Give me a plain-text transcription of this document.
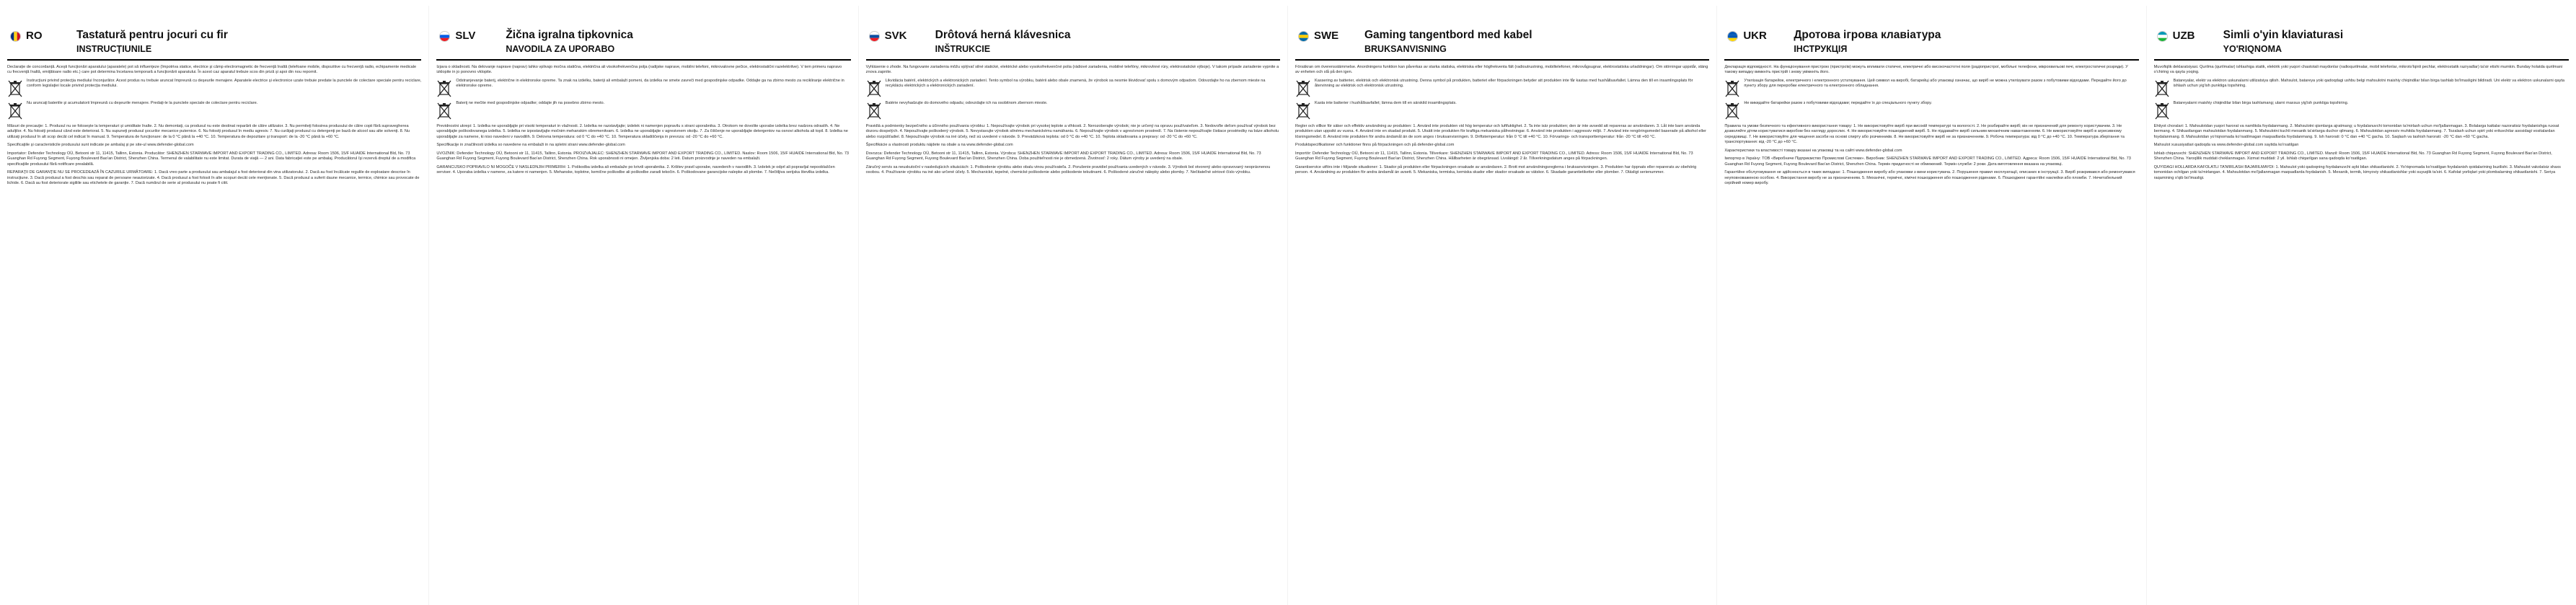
RO	Tastatură pentru jocuri cu fir
INSTRUCȚIUNILE

Declarație de concordanță. Aceşti funcţionări aparatului (aparatele) pot să influenţeze (împotriva statice, electrice şi câmp electromagnetic de frecvenţă înaltă (telefoane mobile, dispozitive cu frecvenţă radio, echipamente medicale cu frecvenţă înaltă, emiţătoare radio etc.) care pot determina încetarea temporară a funcţionării aparatului. În acest caz aparatul trebuie scos din priză şi apoi din nou repornit.

Instrucţiuni privind protecţia mediului înconjurător. Acest produs nu trebuie aruncat împreună cu deşeurile menajere. Aparatele electrice şi electronice uzate trebuie predate la punctele de colectare speciale pentru reciclare, conform legislaţiei locale privind protecţia mediului.
Nu aruncaţi bateriile şi acumulatorii împreună cu deşeurile menajere. Predaţi-le la punctele speciale de colectare pentru reciclare.

Măsuri de precauţie: 1. Produsul nu se folosește la temperaturi şi umiditate înalte. 2. Nu demontaţi, ca produsul nu este destinat reparării de către utilizator. 3. Nu permiteţi folosirea produsului de către copii fără supravegherea adulţilor. 4. Nu folosiţi produsul când este deteriorat. 5. Nu supuneţi produsul şocurilor mecanice puternice. 6. Nu folosiţi produsul în mediu agresiv. 7. Nu curăţaţi produsul cu detergenţi pe bază de alcool sau alte solvenţi. 8. Nu utilizaţi produsul în alt scop decât cel indicat în manual. 9. Temperatura de funcţionare: de la 0 °C până la +40 °C. 10. Temperatura de depozitare şi transport: de la -20 °C până la +60 °C.

Specificaţiile şi caracteristicile produsului sunt indicate pe ambalaj şi pe site-ul www.defender-global.com

Importator: Defender Technology OÜ, Betooni str 11, 11415, Tallinn, Estonia. Producător: SHENZHEN STARWAVE IMPORT AND EXPORT TRADING CO., LIMITED. Adresa: Room 1506, 15/F HUAIDE International Bld, No. 73 Guanghan Rd Fuyong Segment, Fuyong Boulevard Bao'an District, Shenzhen China. Termenul de valabilitate nu este limitat. Durata de viaţă — 2 ani. Data fabricaţiei este pe ambalaj. Producătorul îşi rezervă dreptul de a modifica specificaţiile produsului fără notificare prealabilă.

REPARAŢII DE GARANŢIE NU SE PROCEDEAZĂ ÎN CAZURILE URMĂTOARE: 1. Dacă vreo parte a produsului sau ambalajul a fost deteriorat din vina utilizatorului. 2. Dacă au fost încălcate regulile de exploatare descrise în instrucţiune. 3. Dacă produsul a fost deschis sau reparat de persoane neautorizate. 4. Dacă produsul a fost folosit în alte scopuri decât cele menţionate. 5. Dacă produsul a suferit daune mecanice, termice, chimice sau provocate de lichide. 6. Dacă au fost deteriorate sigiliile sau etichetele de garanţie. 7. Dacă numărul de serie al produsului nu poate fi citit.

SLV	Žična igralna tipkovnica
NAVODILA ZA UPORABO

Izjava o skladnosti. Na delovanje naprave (naprav) lahko vplivajo močna statična, električna ali visokofrekvenčna polja (radijske naprave, mobilni telefoni, mikrovalovne pečice, elektrostatični razelektritve). V tem primeru napravo izklopite in jo ponovno vklopite.

Odstranjevanje baterij, električne in elektronske opreme. Ta znak na izdelku, bateriji ali embalaži pomeni, da izdelka ne smete zavreči med gospodinjske odpadke. Oddajte ga na zbirno mesto za recikliranje električne in elektronske opreme.
Baterij ne mečite med gospodinjske odpadke; oddajte jih na posebno zbirno mesto.

Previdnostni ukrepi: 1. Izdelka ne uporabljajte pri visoki temperaturi in vlažnosti. 2. Izdelka ne razstavljajte; izdelek ni namenjen popravilu s strani uporabnika. 3. Otrokom ne dovolite uporabe izdelka brez nadzora odraslih. 4. Ne uporabljajte poškodovanega izdelka. 5. Izdelka ne izpostavljajte močnim mehanskim obremenitvam. 6. Izdelka ne uporabljajte v agresivnem okolju. 7. Za čiščenje ne uporabljajte detergentov na osnovi alkohola ali topil. 8. Izdelka ne uporabljajte za namene, ki niso navedeni v navodilih. 9. Delovna temperatura: od 0 °C do +40 °C. 10. Temperatura skladiščenja in prevoza: od -20 °C do +60 °C.

Specifikacije in značilnosti izdelka so navedene na embalaži in na spletni strani www.defender-global.com

UVOZNIK: Defender Technology OÜ, Betooni str 11, 11415, Tallinn, Estonia. PROIZVAJALEC: SHENZHEN STARWAVE IMPORT AND EXPORT TRADING CO., LIMITED. Naslov: Room 1506, 15/F HUAIDE International Bld, No. 73 Guanghan Rd Fuyong Segment, Fuyong Boulevard Bao'an District, Shenzhen China. Rok uporabnosti ni omejen. Življenjska doba: 2 leti. Datum proizvodnje je naveden na embalaži.

GARANCIJSKO POPRAVILO NI MOGOČE V NASLEDNJIH PRIMERIH: 1. Poškodba izdelka ali embalaže po krivdi uporabnika. 2. Kršitev pravil uporabe, navedenih v navodilih. 3. Izdelek je odprl ali popravljal nepooblaščen serviser. 4. Uporaba izdelka v namene, za katere ni namenjen. 5. Mehanske, toplotne, kemične poškodbe ali poškodbe zaradi tekočin. 6. Poškodovane garancijske nalepke ali plombe. 7. Nečitljiva serijska številka izdelka.

SVK	Drôtová herná klávesnica
INŠTRUKCIE

Vyhlásenie o zhode. Na fungovanie zariadenia môžu vplývať silné statické, elektrické alebo vysokofrekvenčné polia (rádiové zariadenia, mobilné telefóny, mikrovlnné rúry, elektrostatické výboje). V takom prípade zariadenie vypnite a znova zapnite.

Likvidácia batérií, elektrických a elektronických zariadení. Tento symbol na výrobku, batérii alebo obale znamená, že výrobok sa nesmie likvidovať spolu s domovým odpadom. Odovzdajte ho na zbernom mieste na recykláciu elektrických a elektronických zariadení.
Batérie nevyhadzujte do domového odpadu; odovzdajte ich na osobitnom zbernom mieste.

Pravidlá a podmienky bezpečného a účinného používania výrobku: 1. Nepoužívajte výrobok pri vysokej teplote a vlhkosti. 2. Nerozoberajte výrobok; nie je určený na opravu používateľom. 3. Nedovoľte deťom používať výrobok bez dozoru dospelých. 4. Nepoužívajte poškodený výrobok. 5. Nevystavujte výrobok silnému mechanickému namáhaniu. 6. Nepoužívajte výrobok v agresívnom prostredí. 7. Na čistenie nepoužívajte čistiace prostriedky na báze alkoholu alebo rozpúšťadiel. 8. Nepoužívajte výrobok na iné účely, než sú uvedené v návode. 9. Prevádzková teplota: od 0 °C do +40 °C. 10. Teplota skladovania a prepravy: od -20 °C do +60 °C.

Špecifikácie a vlastnosti produktu nájdete na obale a na www.defender-global.com

Dovozca: Defender Technology OÜ, Betooni str 11, 11415, Tallinn, Estonia. Výrobca: SHENZHEN STARWAVE IMPORT AND EXPORT TRADING CO., LIMITED. Adresa: Room 1506, 15/F HUAIDE International Bld, No. 73 Guanghan Rd Fuyong Segment, Fuyong Boulevard Bao'an District, Shenzhen China. Doba použiteľnosti nie je obmedzená. Životnosť: 2 roky. Dátum výroby je uvedený na obale.

Záručný servis sa neuskutoční v nasledujúcich situáciách: 1. Poškodenie výrobku alebo obalu vinou používateľa. 2. Porušenie pravidiel používania uvedených v návode. 3. Výrobok bol otvorený alebo opravovaný neoprávnenou osobou. 4. Používanie výrobku na iné ako určené účely. 5. Mechanické, tepelné, chemické poškodenie alebo poškodenie tekutinami. 6. Poškodené záručné nálepky alebo plomby. 7. Nečitateľné sériové číslo výrobku.

SWE Gaming tangentbord med kabel
BRUKSANVISNING

Försäkran om överensstämmelse. Anordningens funktion kan påverkas av starka statiska, elektriska eller högfrekventa fält (radioutrustning, mobiltelefoner, mikrovågsugnar, elektrostatiska urladdningar). Om störningar uppstår, stäng av enheten och slå på den igen.

Kassering av batterier, elektrisk och elektronisk utrustning. Denna symbol på produkten, batteriet eller förpackningen betyder att produkten inte får kastas med hushållsavfallet. Lämna den till en insamlingsplats för återvinning av elektrisk och elektronisk utrustning.
Kasta inte batterier i hushållsavfallet; lämna dem till en särskild insamlingsplats.

Regler och villkor för säker och effektiv användning av produkten: 1. Använd inte produkten vid hög temperatur och luftfuktighet. 2. Ta inte isär produkten; den är inte avsedd att repareras av användaren. 3. Låt inte barn använda produkten utan uppsikt av vuxna. 4. Använd inte en skadad produkt. 5. Utsätt inte produkten för kraftiga mekaniska påfrestningar. 6. Använd inte produkten i aggressiv miljö. 7. Använd inte rengöringsmedel baserade på alkohol eller lösningsmedel. 8. Använd inte produkten för andra ändamål än de som anges i bruksanvisningen. 9. Driftstemperatur: från 0 °C till +40 °C. 10. Förvarings- och transporttemperatur: från -20 °C till +60 °C.

Produktspecifikationer och funktioner finns på förpackningen och på defender-global.com

Importör: Defender Technology OÜ, Betooni str 11, 11415, Tallinn, Estonia. Tillverkare: SHENZHEN STARWAVE IMPORT AND EXPORT TRADING CO., LIMITED. Adress: Room 1506, 15/F HUAIDE International Bld, No. 73 Guanghan Rd Fuyong Segment, Fuyong Boulevard Bao'an District, Shenzhen China. Hållbarheten är obegränsad. Livslängd: 2 år. Tillverkningsdatum anges på förpackningen.

Garantiservice utförs inte i följande situationer: 1. Skador på produkten eller förpackningen orsakade av användaren. 2. Brott mot användningsreglerna i bruksanvisningen. 3. Produkten har öppnats eller reparerats av obehörig person. 4. Användning av produkten för andra ändamål än avsett. 5. Mekaniska, termiska, kemiska skador eller skador orsakade av vätskor. 6. Skadade garantietiketter eller plomber. 7. Oläsligt serienummer.

UKR Дротова ігрова клавіатура
ІНСТРУКЦІЯ

Декларація відповідності. На функціонування пристрою (пристроїв) можуть впливати статичні, електричні або високочастотні поля (радіопристрої, мобільні телефони, мікрохвильові печі, електростатичні розряди). У такому випадку вимкніть пристрій і знову увімкніть його.

Утилізація батарейок, електричного і електронного устаткування. Цей символ на виробі, батарейці або упаковці означає, що виріб не можна утилізувати разом з побутовими відходами. Передайте його до пункту збору для переробки електричного та електронного обладнання.
Не викидайте батарейки разом з побутовими відходами; передайте їх до спеціального пункту збору.

Правила та умови безпечного та ефективного використання товару: 1. Не використовуйте виріб при високій температурі та вологості. 2. Не розбирайте виріб; він не призначений для ремонту користувачем. 3. Не дозволяйте дітям користуватися виробом без нагляду дорослих. 4. Не використовуйте пошкоджений виріб. 5. Не піддавайте виріб сильним механічним навантаженням. 6. Не використовуйте виріб в агресивному середовищі. 7. Не використовуйте для чищення засоби на основі спирту або розчинників. 8. Не використовуйте виріб не за призначенням. 9. Робоча температура: від 0 °C до +40 °C. 10. Температура зберігання та транспортування: від -20 °C до +60 °C.

Характеристики та властивості товару вказані на упаковці та на сайті www.defender-global.com

Імпортер в Україну: ТОВ «Виробниче Підприємство Промислові Системи». Виробник: SHENZHEN STARWAVE IMPORT AND EXPORT TRADING CO., LIMITED. Адреса: Room 1506, 15/F HUAIDE International Bld, No. 73 Guanghan Rd Fuyong Segment, Fuyong Boulevard Bao'an District, Shenzhen China. Термін придатності не обмежений. Термін служби: 2 роки. Дата виготовлення вказана на упаковці.

Гарантійне обслуговування не здійснюється в таких випадках: 1. Пошкодження виробу або упаковки з вини користувача. 2. Порушення правил експлуатації, описаних в інструкції. 3. Виріб розкривався або ремонтувався неуповноваженою особою. 4. Використання виробу не за призначенням. 5. Механічні, термічні, хімічні пошкодження або пошкодження рідинами. 6. Пошкоджені гарантійні наклейки або пломби. 7. Нечитабельний серійний номер виробу.

UZB	Simli o'yin klaviaturasi
YO'RIQNOMA

Muvofiqlik deklaratsiyasi. Qurilma (qurilmalar) ishlashiga statik, elektrik yoki yuqori chastotali maydonlar (radioqurilmalar, mobil telefonlar, mikroto'lqinli pechlar, elektrostatik razryadlar) ta'sir etishi mumkin. Bunday holatda qurilmani o'chiring va qayta yoqing.

Batareyalar, elektr va elektron uskunalarni utilizatsiya qilish. Mahsulot, batareya yoki qadoqdagi ushbu belgi mahsulotni maishiy chiqindilar bilan birga tashlab bo'lmasligini bildiradi. Uni elektr va elektron uskunalarni qayta ishlash uchun yig'ish punktiga topshiring.
Batareyalarni maishiy chiqindilar bilan birga tashlamang; ularni maxsus yig'ish punktiga topshiring.

Ehtiyot choralari: 1. Mahsulotdan yuqori harorat va namlikda foydalanmang. 2. Mahsulotni qismlarga ajratmang; u foydalanuvchi tomonidan ta'mirlash uchun mo'ljallanmagan. 3. Bolalarga kattalar nazoratisiz foydalanishga ruxsat bermang. 4. Shikastlangan mahsulotdan foydalanmang. 5. Mahsulotni kuchli mexanik ta'sirlarga duchor qilmang. 6. Mahsulotdan agressiv muhitda foydalanmang. 7. Tozalash uchun spirt yoki erituvchilar asosidagi vositalardan foydalanmang. 8. Mahsulotdan yo'riqnomada ko'rsatilmagan maqsadlarda foydalanmang. 9. Ish harorati: 0 °C dan +40 °C gacha. 10. Saqlash va tashish harorati: -20 °C dan +60 °C gacha.

Mahsulot xususiyatlari qadoqda va www.defender-global.com saytida ko'rsatilgan

Ishlab chiqaruvchi: SHENZHEN STARWAVE IMPORT AND EXPORT TRADING CO., LIMITED. Manzil: Room 1506, 15/F HUAIDE International Bld, No. 73 Guanghan Rd Fuyong Segment, Fuyong Boulevard Bao'an District, Shenzhen China. Yaroqlilik muddati cheklanmagan. Xizmat muddati: 2 yil. Ishlab chiqarilgan sana qadoqda ko'rsatilgan.

QUYIDAGI HOLLARDA KAFOLATLI TA'MIRLASH BAJARILMAYDI: 1. Mahsulot yoki qadoqning foydalanuvchi aybi bilan shikastlanishi. 2. Yo'riqnomada ko'rsatilgan foydalanish qoidalarining buzilishi. 3. Mahsulot vakolatsiz shaxs tomonidan ochilgan yoki ta'mirlangan. 4. Mahsulotdan mo'ljallanmagan maqsadlarda foydalanish. 5. Mexanik, termik, kimyoviy shikastlanishlar yoki suyuqlik ta'siri. 6. Kafolat yorliqlari yoki plombalarning shikastlanishi. 7. Seriya raqamining o'qib bo'lmasligi.
